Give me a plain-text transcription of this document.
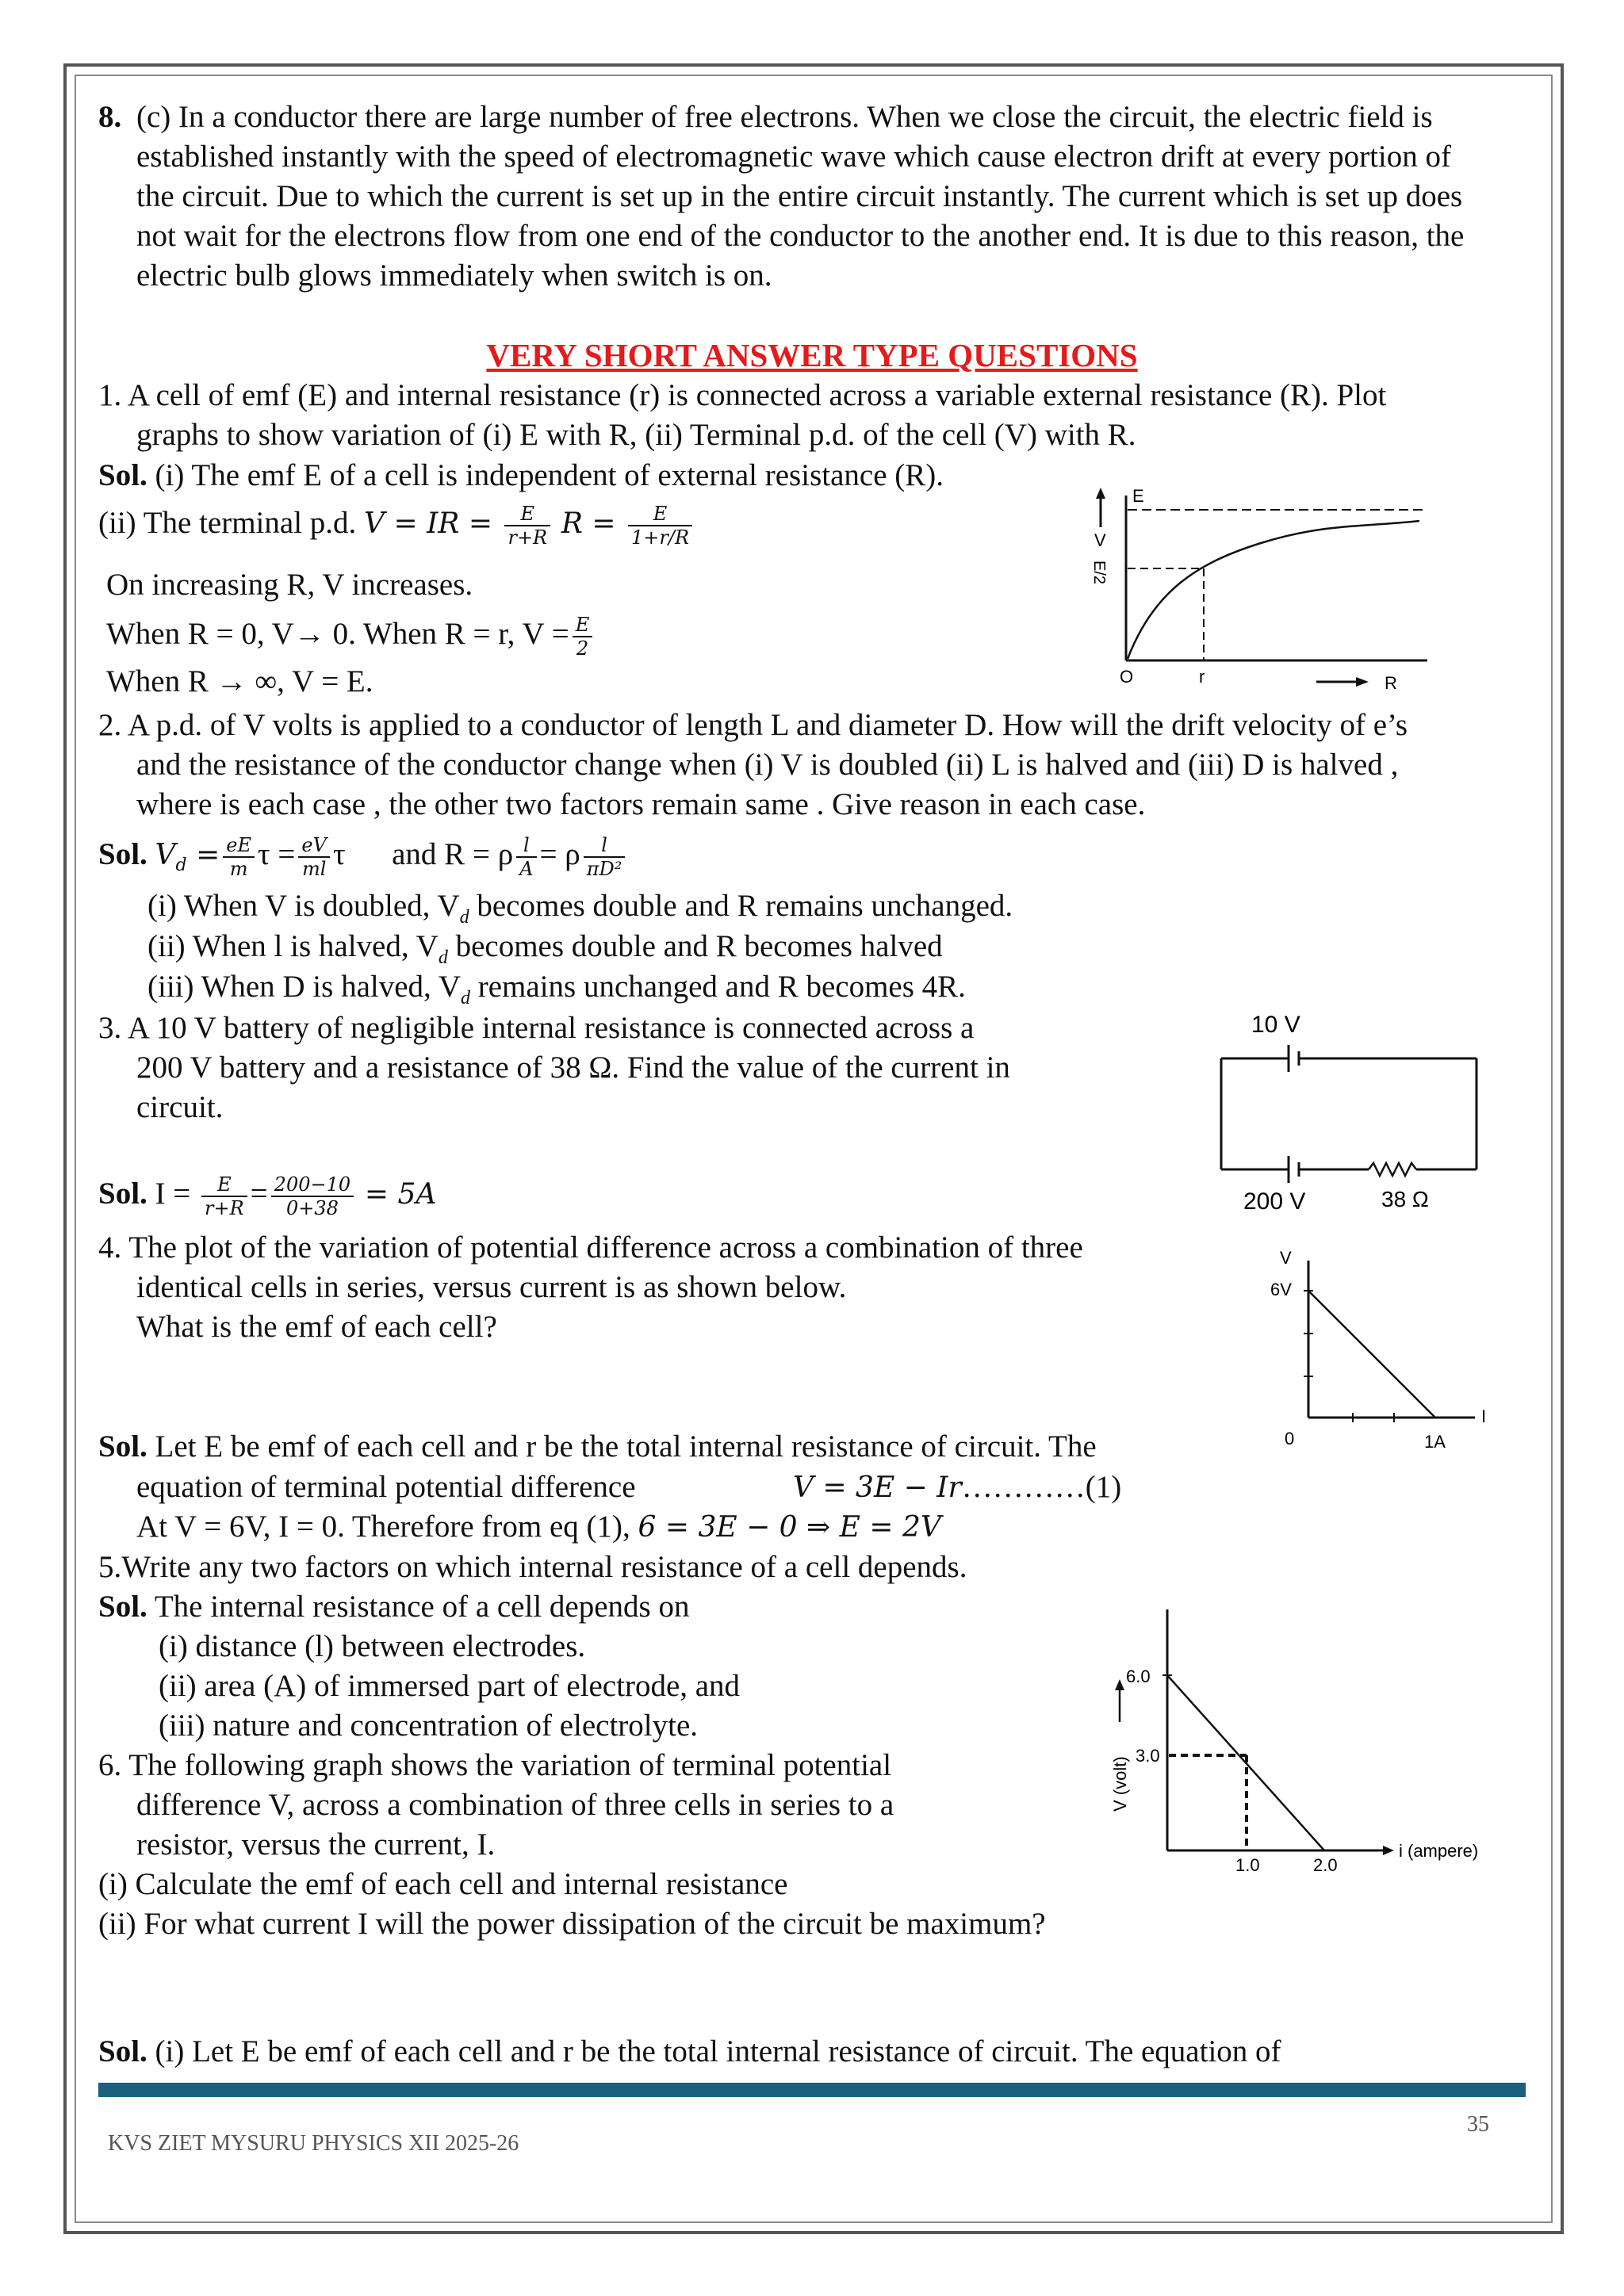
8. (c) In a conductor there are large number of free electrons. When we close the circuit, the electric field is
established instantly with the speed of electromagnetic wave which cause electron drift at every portion of
the circuit. Due to which the current is set up in the entire circuit instantly. The current which is set up does
not wait for the electrons flow from one end of the conductor to the another end. It is due to this reason, the
electric bulb glows immediately when switch is on.
VERY SHORT ANSWER TYPE QUESTIONS
1. A cell of emf (E) and internal resistance (r) is connected across a variable external resistance (R). Plot
graphs to show variation of (i) E with R, (ii) Terminal p.d. of the cell (V) with R.
Sol. (i) The emf E of a cell is independent of external resistance (R).
(ii) The terminal p.d. V = IR = $\frac{E}{r+R}$ $R = \frac{E}{1+r/R}$
On increasing R, V increases.
When R = 0, V→ 0. When R = r, $V = \frac{E}{2}$
When R → ∞, V = E.
E
V
E/2
O	r	R
2. A p.d. of V volts is applied to a conductor of length L and diameter D. How will the drift velocity of e’s
and the resistance of the conductor change when (i) V is doubled (ii) L is halved and (iii) D is halved ,
where is each case , the other two factors remain same . Give reason in each case.
Sol. $V_d = \frac{eE}{m}$ $\tau = \frac{eV}{ml}$ τ      and R = ρ $\frac{l}{A} = \rho \frac{l}{\text{πD²}}$
(i) When V is doubled, $V_d$ becomes double and R remains unchanged.
(ii) When l is halved, $V_d$ becomes double and R becomes halved
(iii) When D is halved, $V_d$ remains unchanged and R becomes 4R.
3. A 10 V battery of negligible internal resistance is connected across a
200 V battery and a resistance of 38 Ω. Find the value of the current in
circuit.
Sol. $I = \frac{E}{r+R} = \frac{200-10}{0+38} = 5A$
10 V
200 V	38 Ω
4. The plot of the variation of potential difference across a combination of three
identical cells in series, versus current is as shown below.
What is the emf of each cell?
Sol. Let E be emf of each cell and r be the total internal resistance of circuit. The
equation of terminal potential difference	V = 3E − Ir…………(1)
At V = 6V, I = 0. Therefore from eq (1), 6 = 3E − 0 ⇒ E = 2V
V
6V
0
I
1A
5.Write any two factors on which internal resistance of a cell depends.
Sol. The internal resistance of a cell depends on
(i) distance (l) between electrodes.
(ii) area (A) of immersed part of electrode, and
(iii) nature and concentration of electrolyte.
6. The following graph shows the variation of terminal potential
difference V, across a combination of three cells in series to a
resistor, versus the current, I.
(i) Calculate the emf of each cell and internal resistance
(ii) For what current I will the power dissipation of the circuit be maximum?
Sol. (i) Let E be emf of each cell and r be the total internal resistance of circuit. The equation of
6.0
3.0
V (volt)
1.0	2.0
i (ampere)
35
KVS ZIET MYSURU PHYSICS XII 2025-26
